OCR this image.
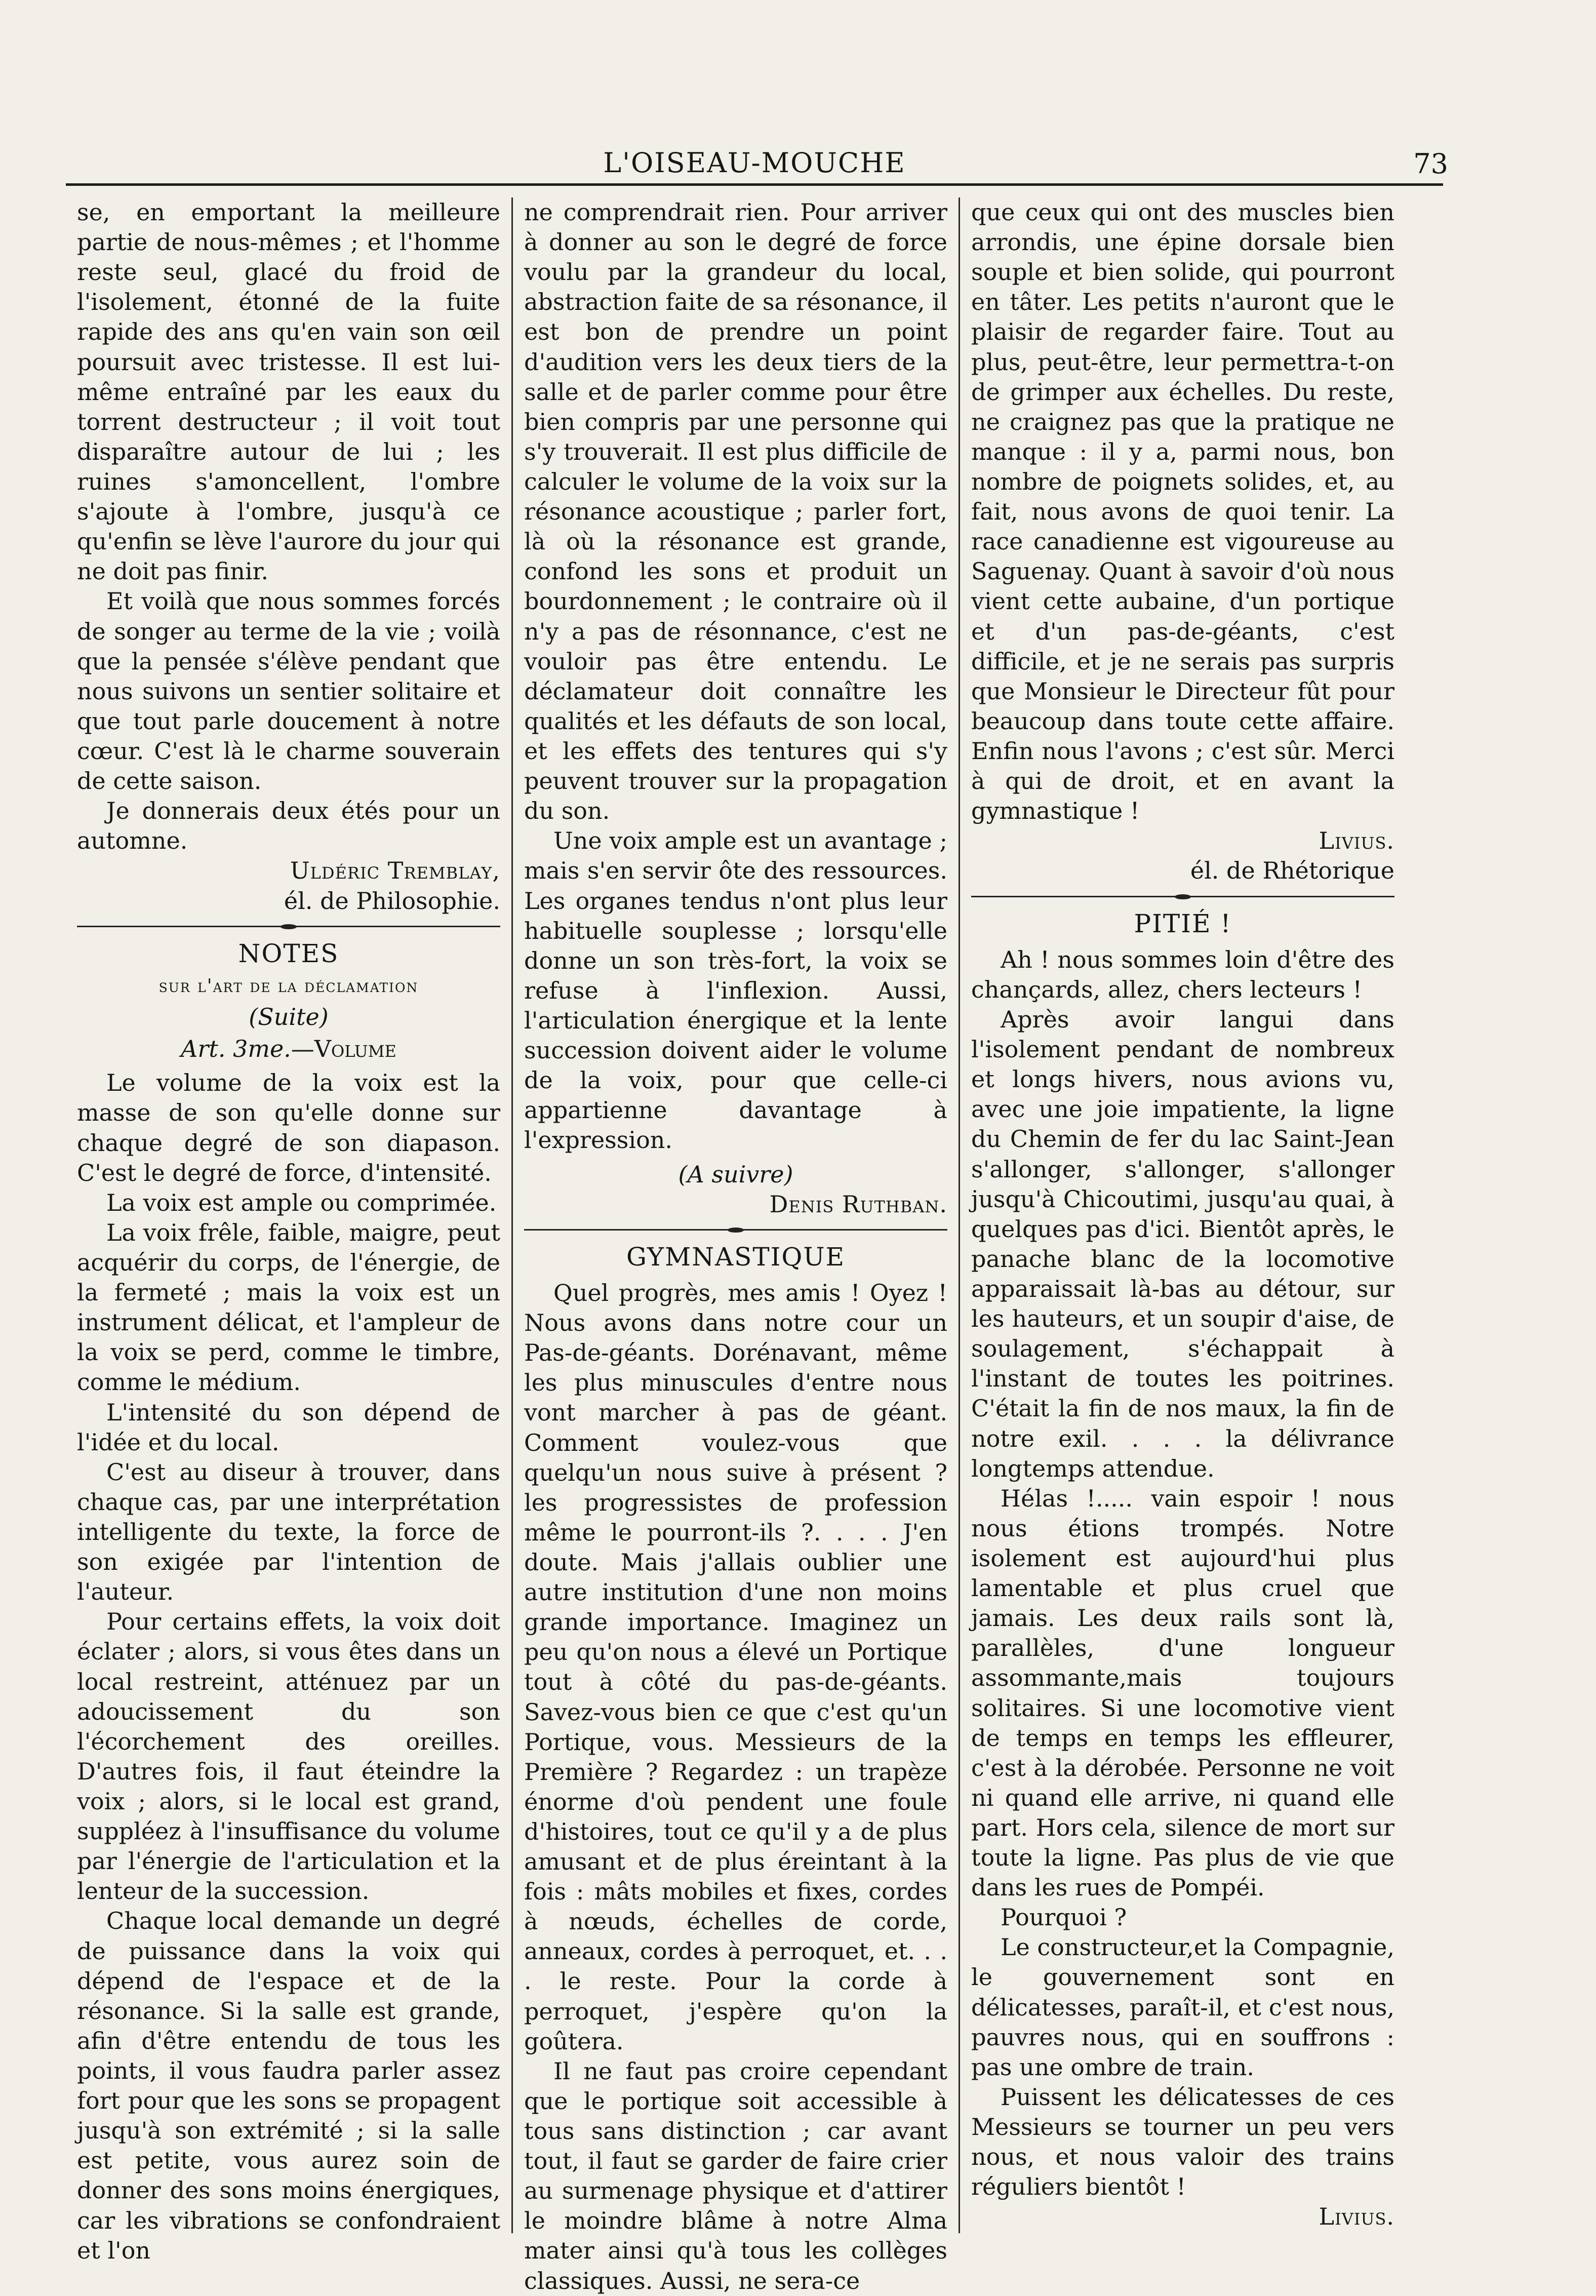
L'OISEAU-MOUCHE	73

se, en emportant la meilleure partie de nous-mêmes ; et l'homme reste seul, glacé du froid de l'isolement, étonné de la fuite rapide des ans qu'en vain son œil poursuit avec tristesse. Il est lui-même entraîné par les eaux du torrent destructeur ; il voit tout disparaître autour de lui ; les ruines s'amoncellent, l'ombre s'ajoute à l'ombre, jusqu'à ce qu'enfin se lève l'aurore du jour qui ne doit pas finir.

Et voilà que nous sommes forcés de songer au terme de la vie ; voilà que la pensée s'élève pendant que nous suivons un sentier solitaire et que tout parle doucement à notre cœur. C'est là le charme souverain de cette saison.

Je donnerais deux étés pour un automne.

Uldéric Tremblay,
él. de Philosophie.
NOTES
sur l'art de la déclamation
(Suite)
Art. 3me.—Volume

Le volume de la voix est la masse de son qu'elle donne sur chaque degré de son diapason. C'est le degré de force, d'intensité.

La voix est ample ou comprimée.

La voix frêle, faible, maigre, peut acquérir du corps, de l'énergie, de la fermeté ; mais la voix est un instrument délicat, et l'ampleur de la voix se perd, comme le timbre, comme le médium.

L'intensité du son dépend de l'idée et du local.

C'est au diseur à trouver, dans chaque cas, par une interprétation intelligente du texte, la force de son exigée par l'intention de l'auteur.

Pour certains effets, la voix doit éclater ; alors, si vous êtes dans un local restreint, atténuez par un adoucissement du son l'écorchement des oreilles. D'autres fois, il faut éteindre la voix ; alors, si le local est grand, suppléez à l'insuffisance du volume par l'énergie de l'articulation et la lenteur de la succession.

Chaque local demande un degré de puissance dans la voix qui dépend de l'espace et de la résonance. Si la salle est grande, afin d'être entendu de tous les points, il vous faudra parler assez fort pour que les sons se propagent jusqu'à son extrémité ; si la salle est petite, vous aurez soin de donner des sons moins énergiques, car les vibrations se confondraient et l'on

ne comprendrait rien. Pour arriver à donner au son le degré de force voulu par la grandeur du local, abstraction faite de sa résonance, il est bon de prendre un point d'audition vers les deux tiers de la salle et de parler comme pour être bien compris par une personne qui s'y trouverait. Il est plus difficile de calculer le volume de la voix sur la résonance acoustique ; parler fort, là où la résonance est grande, confond les sons et produit un bourdonnement ; le contraire où il n'y a pas de résonnance, c'est ne vouloir pas être entendu. Le déclamateur doit connaître les qualités et les défauts de son local, et les effets des tentures qui s'y peuvent trouver sur la propagation du son.

Une voix ample est un avantage ; mais s'en servir ôte des ressources. Les organes tendus n'ont plus leur habituelle souplesse ; lorsqu'elle donne un son très-fort, la voix se refuse à l'inflexion. Aussi, l'articulation énergique et la lente succession doivent aider le volume de la voix, pour que celle-ci appartienne davantage à l'expression.

(A suivre)
Denis Ruthban.
GYMNASTIQUE

Quel progrès, mes amis ! Oyez ! Nous avons dans notre cour un Pas-de-géants. Dorénavant, même les plus minuscules d'entre nous vont marcher à pas de géant. Comment voulez-vous que quelqu'un nous suive à présent ? les progressistes de profession même le pourront-ils ?. . . . J'en doute. Mais j'allais oublier une autre institution d'une non moins grande importance. Imaginez un peu qu'on nous a élevé un Portique tout à côté du pas-de-géants. Savez-vous bien ce que c'est qu'un Portique, vous. Messieurs de la Première ? Regardez : un trapèze énorme d'où pendent une foule d'histoires, tout ce qu'il y a de plus amusant et de plus éreintant à la fois : mâts mobiles et fixes, cordes à nœuds, échelles de corde, anneaux, cordes à perroquet, et. . . . le reste. Pour la corde à perroquet, j'espère qu'on la goûtera.

Il ne faut pas croire cependant que le portique soit accessible à tous sans distinction ; car avant tout, il faut se garder de faire crier au surmenage physique et d'attirer le moindre blâme à notre Alma mater ainsi qu'à tous les collèges classiques. Aussi, ne sera-ce

que ceux qui ont des muscles bien arrondis, une épine dorsale bien souple et bien solide, qui pourront en tâter. Les petits n'auront que le plaisir de regarder faire. Tout au plus, peut-être, leur permettra-t-on de grimper aux échelles. Du reste, ne craignez pas que la pratique ne manque : il y a, parmi nous, bon nombre de poignets solides, et, au fait, nous avons de quoi tenir. La race canadienne est vigoureuse au Saguenay. Quant à savoir d'où nous vient cette aubaine, d'un portique et d'un pas-de-géants, c'est difficile, et je ne serais pas surpris que Monsieur le Directeur fût pour beaucoup dans toute cette affaire. Enfin nous l'avons ; c'est sûr. Merci à qui de droit, et en avant la gymnastique !

Livius.
él. de Rhétorique
PITIÉ !

Ah ! nous sommes loin d'être des chançards, allez, chers lecteurs !

Après avoir langui dans l'isolement pendant de nombreux et longs hivers, nous avions vu, avec une joie impatiente, la ligne du Chemin de fer du lac Saint-Jean s'allonger, s'allonger, s'allonger jusqu'à Chicoutimi, jusqu'au quai, à quelques pas d'ici. Bientôt après, le panache blanc de la locomotive apparaissait là-bas au détour, sur les hauteurs, et un soupir d'aise, de soulagement, s'échappait à l'instant de toutes les poitrines. C'était la fin de nos maux, la fin de notre exil. . . . la délivrance longtemps attendue.

Hélas !..... vain espoir ! nous nous étions trompés. Notre isolement est aujourd'hui plus lamentable et plus cruel que jamais. Les deux rails sont là, parallèles, d'une longueur assommante,mais toujours solitaires. Si une locomotive vient de temps en temps les effleurer, c'est à la dérobée. Personne ne voit ni quand elle arrive, ni quand elle part. Hors cela, silence de mort sur toute la ligne. Pas plus de vie que dans les rues de Pompéi.

Pourquoi ?

Le constructeur,et la Compagnie, le gouvernement sont en délicatesses, paraît-il, et c'est nous, pauvres nous, qui en souffrons : pas une ombre de train.

Puissent les délicatesses de ces Messieurs se tourner un peu vers nous, et nous valoir des trains réguliers bientôt !

Livius.
